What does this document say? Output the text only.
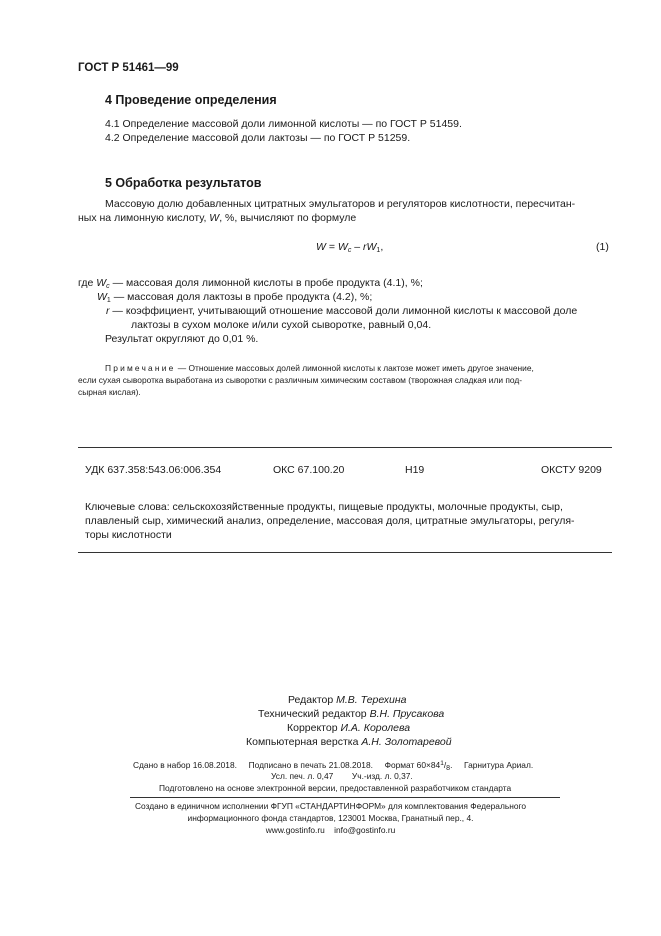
ГОСТ Р 51461—99
4 Проведение определения
4.1 Определение массовой доли лимонной кислоты — по ГОСТ Р 51459.
4.2 Определение массовой доли лактозы — по ГОСТ Р 51259.
5 Обработка результатов
Массовую долю добавленных цитратных эмульгаторов и регуляторов кислотности, пересчитан-
ных на лимонную кислоту, W, %, вычисляют по формуле
$W = W_c - rW_1$,	(1)
где $W_c$ — массовая доля лимонной кислоты в пробе продукта (4.1), %;
$W_1$ — массовая доля лактозы в пробе продукта (4.2), %;
r — коэффициент, учитывающий отношение массовой доли лимонной кислоты к массовой доле
лактозы в сухом молоке и/или сухой сыворотке, равный 0,04.
Результат округляют до 0,01 %.
Примечание — Отношение массовых долей лимонной кислоты к лактозе может иметь другое значение,
если сухая сыворотка выработана из сыворотки с различным химическим составом (творожная сладкая или под-
сырная кислая).
УДК 637.358:543.06:006.354	ОКС 67.100.20	Н19	ОКСТУ 9209
Ключевые слова: сельскохозяйственные продукты, пищевые продукты, молочные продукты, сыр,
плавленый сыр, химический анализ, определение, массовая доля, цитратные эмульгаторы, регуля-
торы кислотности
Редактор М.В. Терехина
Технический редактор В.Н. Прусакова
Корректор И.А. Королева
Компьютерная верстка А.Н. Золотаревой
Сдано в набор 16.08.2018. Подписано в печать 21.08.2018. Формат $60\times 84^1/_8$. Гарнитура Ариал.
Усл. печ. л. 0,47 Уч.-изд. л. 0,37.
Подготовлено на основе электронной версии, предоставленной разработчиком стандарта
Создано в единичном исполнении ФГУП «СТАНДАРТИНФОРМ» для комплектования Федерального
информационного фонда стандартов, 123001 Москва, Гранатный пер., 4.
www.gostinfo.ru info@gostinfo.ru
